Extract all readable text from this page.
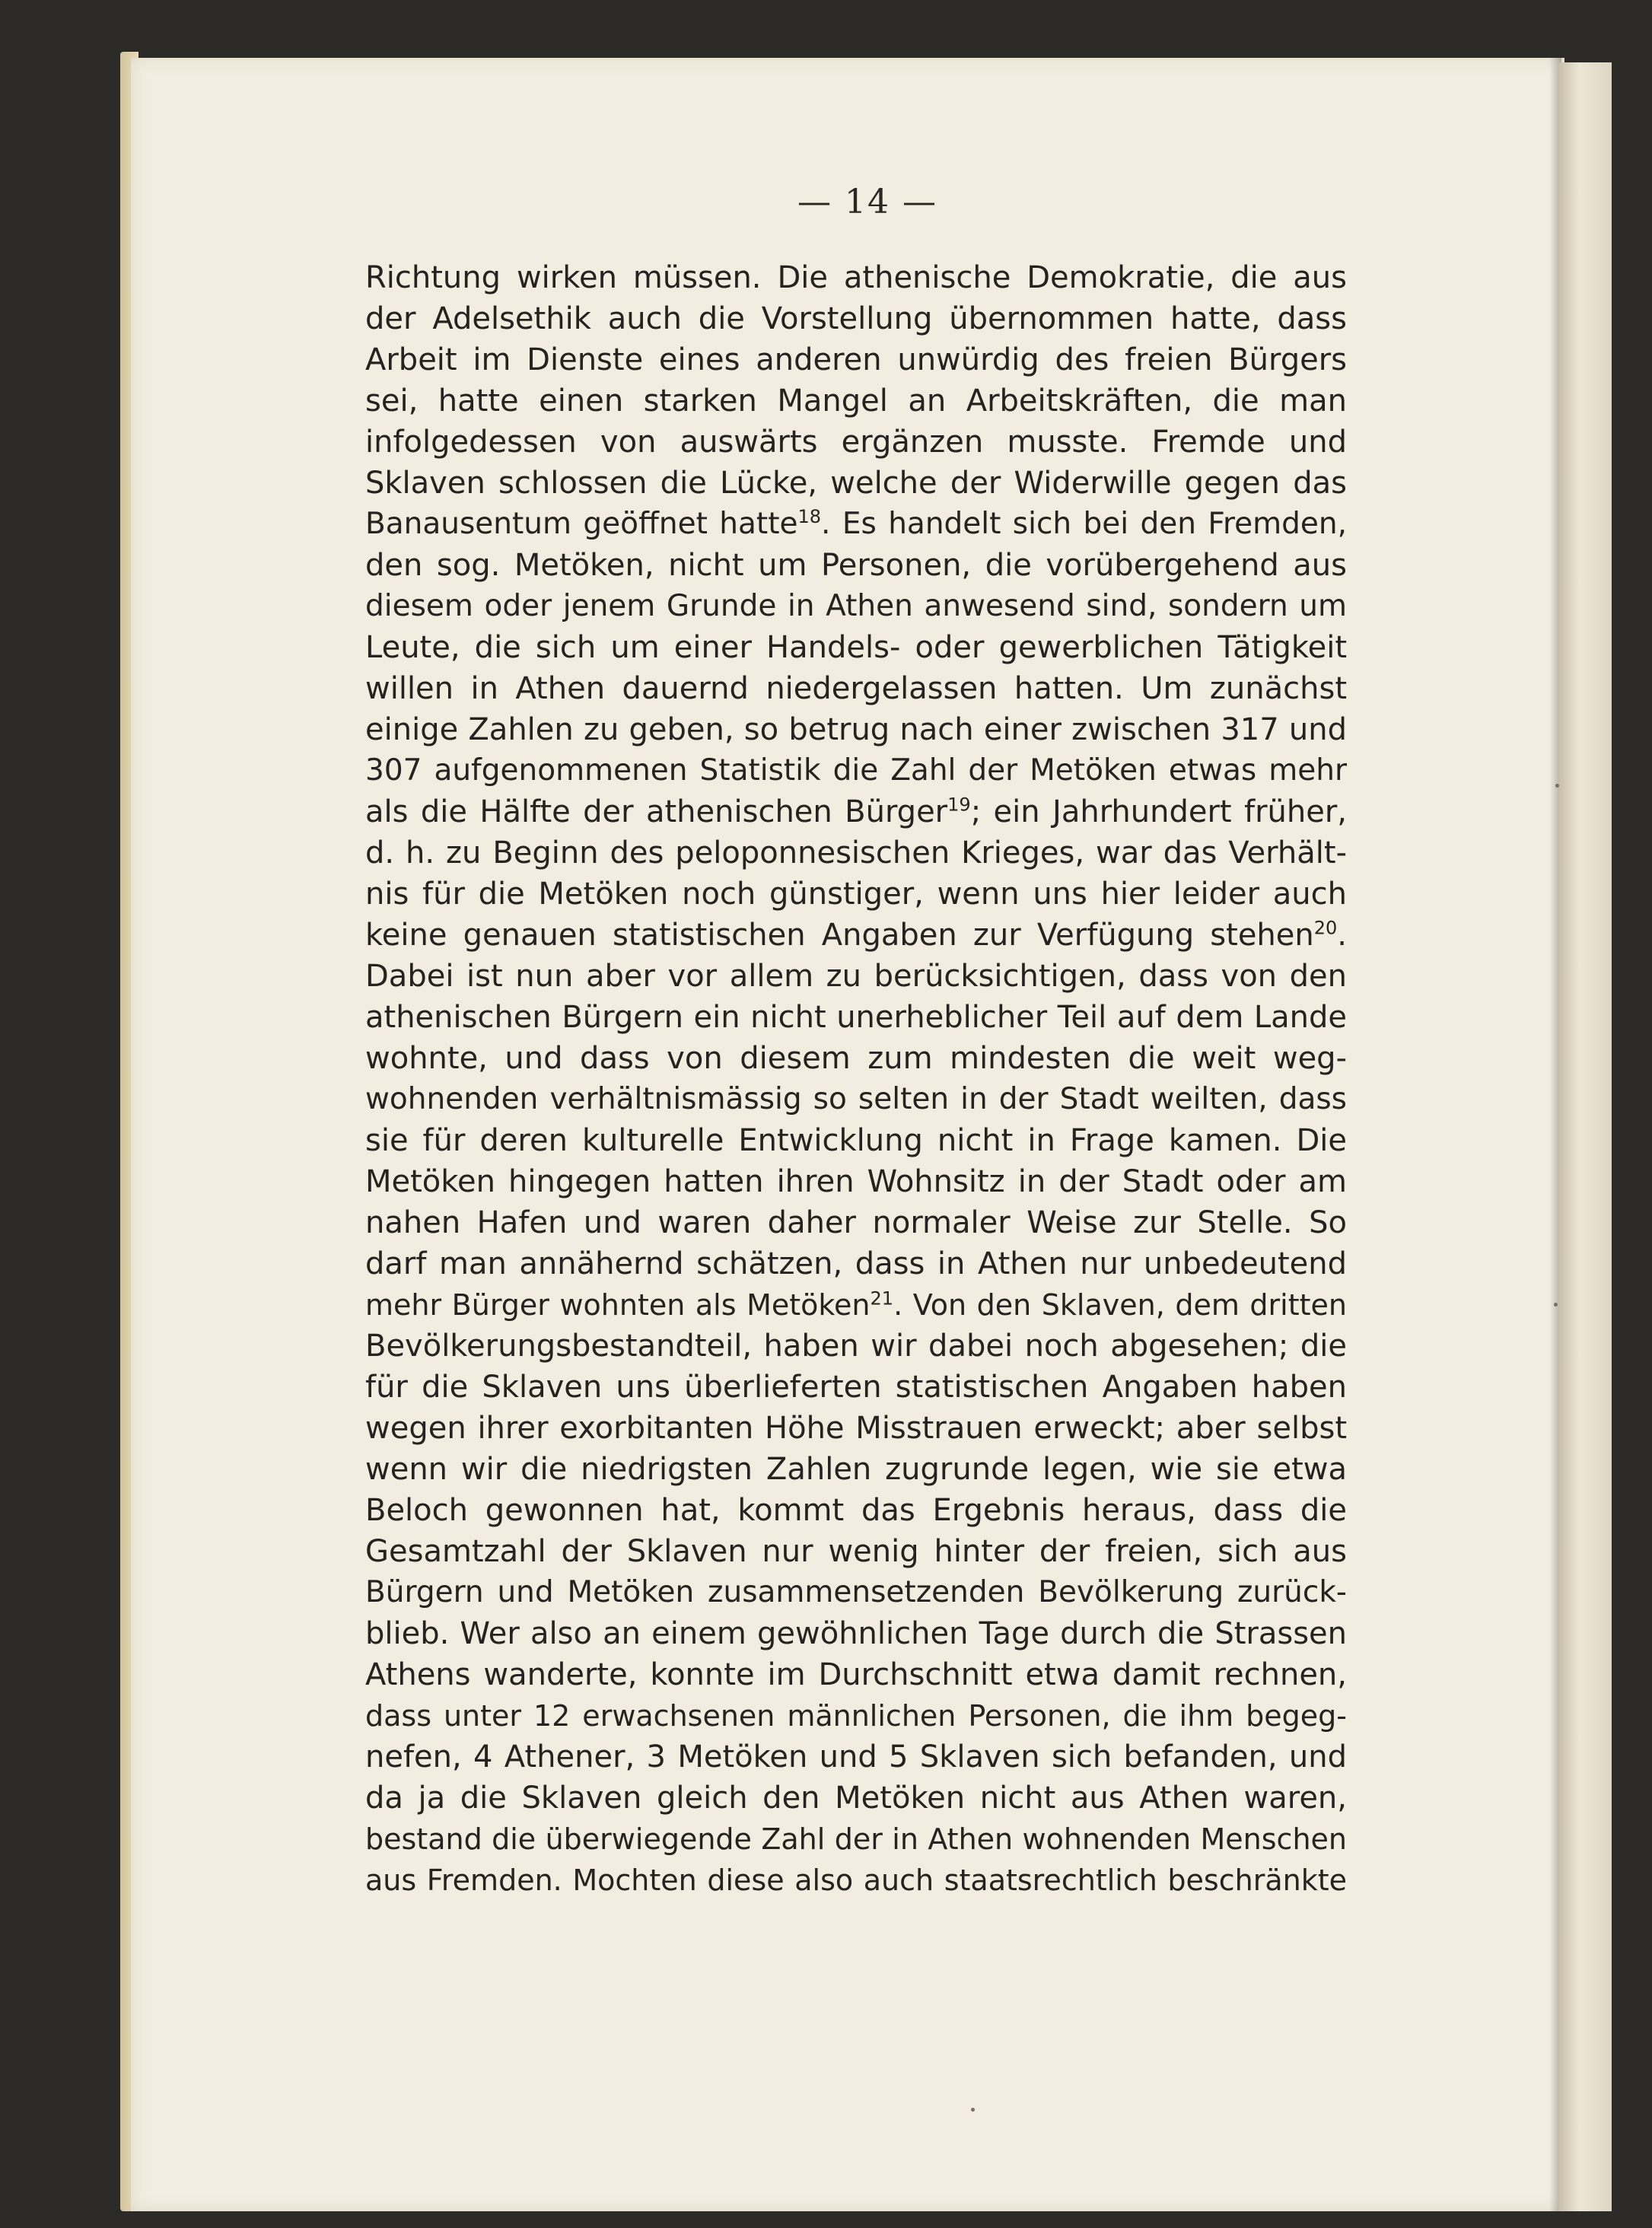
— 14 —
Richtung wirken müssen. Die athenische Demokratie, die aus
der Adelsethik auch die Vorstellung übernommen hatte, dass
Arbeit im Dienste eines anderen unwürdig des freien Bürgers
sei, hatte einen starken Mangel an Arbeitskräften, die man
infolgedessen von auswärts ergänzen musste. Fremde und
Sklaven schlossen die Lücke, welche der Widerwille gegen das
Banausentum geöffnet hatte$^{18}$. Es handelt sich bei den Fremden,
den sog. Metöken, nicht um Personen, die vorübergehend aus
diesem oder jenem Grunde in Athen anwesend sind, sondern um
Leute, die sich um einer Handels- oder gewerblichen Tätigkeit
willen in Athen dauernd niedergelassen hatten. Um zunächst
einige Zahlen zu geben, so betrug nach einer zwischen 317 und
307 aufgenommenen Statistik die Zahl der Metöken etwas mehr
als die Hälfte der athenischen Bürger$^{19}$; ein Jahrhundert früher,
d. h. zu Beginn des peloponnesischen Krieges, war das Verhält-
nis für die Metöken noch günstiger, wenn uns hier leider auch
keine genauen statistischen Angaben zur Verfügung stehen$^{20}$.
Dabei ist nun aber vor allem zu berücksichtigen, dass von den
athenischen Bürgern ein nicht unerheblicher Teil auf dem Lande
wohnte, und dass von diesem zum mindesten die weit weg-
wohnenden verhältnismässig so selten in der Stadt weilten, dass
sie für deren kulturelle Entwicklung nicht in Frage kamen. Die
Metöken hingegen hatten ihren Wohnsitz in der Stadt oder am
nahen Hafen und waren daher normaler Weise zur Stelle. So
darf man annähernd schätzen, dass in Athen nur unbedeutend
mehr Bürger wohnten als Metöken$^{21}$. Von den Sklaven, dem dritten
Bevölkerungsbestandteil, haben wir dabei noch abgesehen; die
für die Sklaven uns überlieferten statistischen Angaben haben
wegen ihrer exorbitanten Höhe Misstrauen erweckt; aber selbst
wenn wir die niedrigsten Zahlen zugrunde legen, wie sie etwa
Beloch gewonnen hat, kommt das Ergebnis heraus, dass die
Gesamtzahl der Sklaven nur wenig hinter der freien, sich aus
Bürgern und Metöken zusammensetzenden Bevölkerung zurück-
blieb. Wer also an einem gewöhnlichen Tage durch die Strassen
Athens wanderte, konnte im Durchschnitt etwa damit rechnen,
dass unter 12 erwachsenen männlichen Personen, die ihm begeg-
nefen, 4 Athener, 3 Metöken und 5 Sklaven sich befanden, und
da ja die Sklaven gleich den Metöken nicht aus Athen waren,
bestand die überwiegende Zahl der in Athen wohnenden Menschen
aus Fremden. Mochten diese also auch staatsrechtlich beschränkte
